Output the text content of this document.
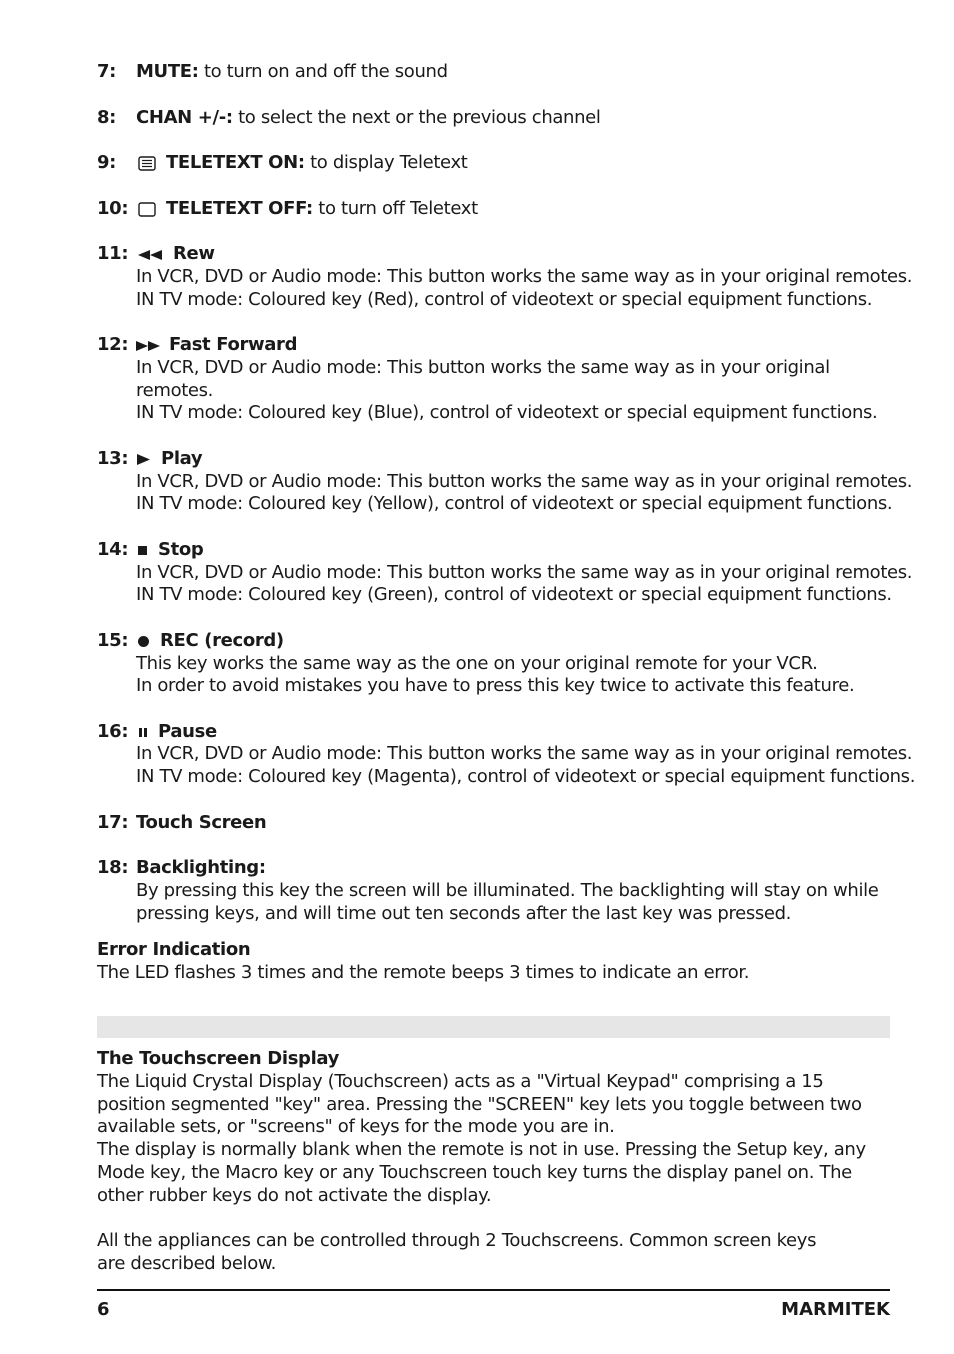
7: MUTE: to turn on and off the sound
8: CHAN +/-: to select the next or the previous channel
9:	TELETEXT ON: to display Teletext
10: TELETEXT OFF: to turn off Teletext
11: Rew
In VCR, DVD or Audio mode: This button works the same way as in your original remotes.
IN TV mode: Coloured key (Red), control of videotext or special equipment functions.
12: Fast Forward
In VCR, DVD or Audio mode: This button works the same way as in your original
remotes.
IN TV mode: Coloured key (Blue), control of videotext or special equipment functions.
13: Play
In VCR, DVD or Audio mode: This button works the same way as in your original remotes.
IN TV mode: Coloured key (Yellow), control of videotext or special equipment functions.
14: Stop
In VCR, DVD or Audio mode: This button works the same way as in your original remotes.
IN TV mode: Coloured key (Green), control of videotext or special equipment functions.
15: REC (record)
This key works the same way as the one on your original remote for your VCR.
In order to avoid mistakes you have to press this key twice to activate this feature.
16: Pause
In VCR, DVD or Audio mode: This button works the same way as in your original remotes.
IN TV mode: Coloured key (Magenta), control of videotext or special equipment functions.
17: Touch Screen
18: Backlighting:
By pressing this key the screen will be illuminated. The backlighting will stay on while
pressing keys, and will time out ten seconds after the last key was pressed.
Error Indication
The LED flashes 3 times and the remote beeps 3 times to indicate an error.
The Touchscreen Display
The Liquid Crystal Display (Touchscreen) acts as a "Virtual Keypad" comprising a 15
position segmented "key" area. Pressing the "SCREEN" key lets you toggle between two
available sets, or "screens" of keys for the mode you are in.
The display is normally blank when the remote is not in use. Pressing the Setup key, any
Mode key, the Macro key or any Touchscreen touch key turns the display panel on. The
other rubber keys do not activate the display.
All the appliances can be controlled through 2 Touchscreens. Common screen keys
are described below.
6	MARMITEK
